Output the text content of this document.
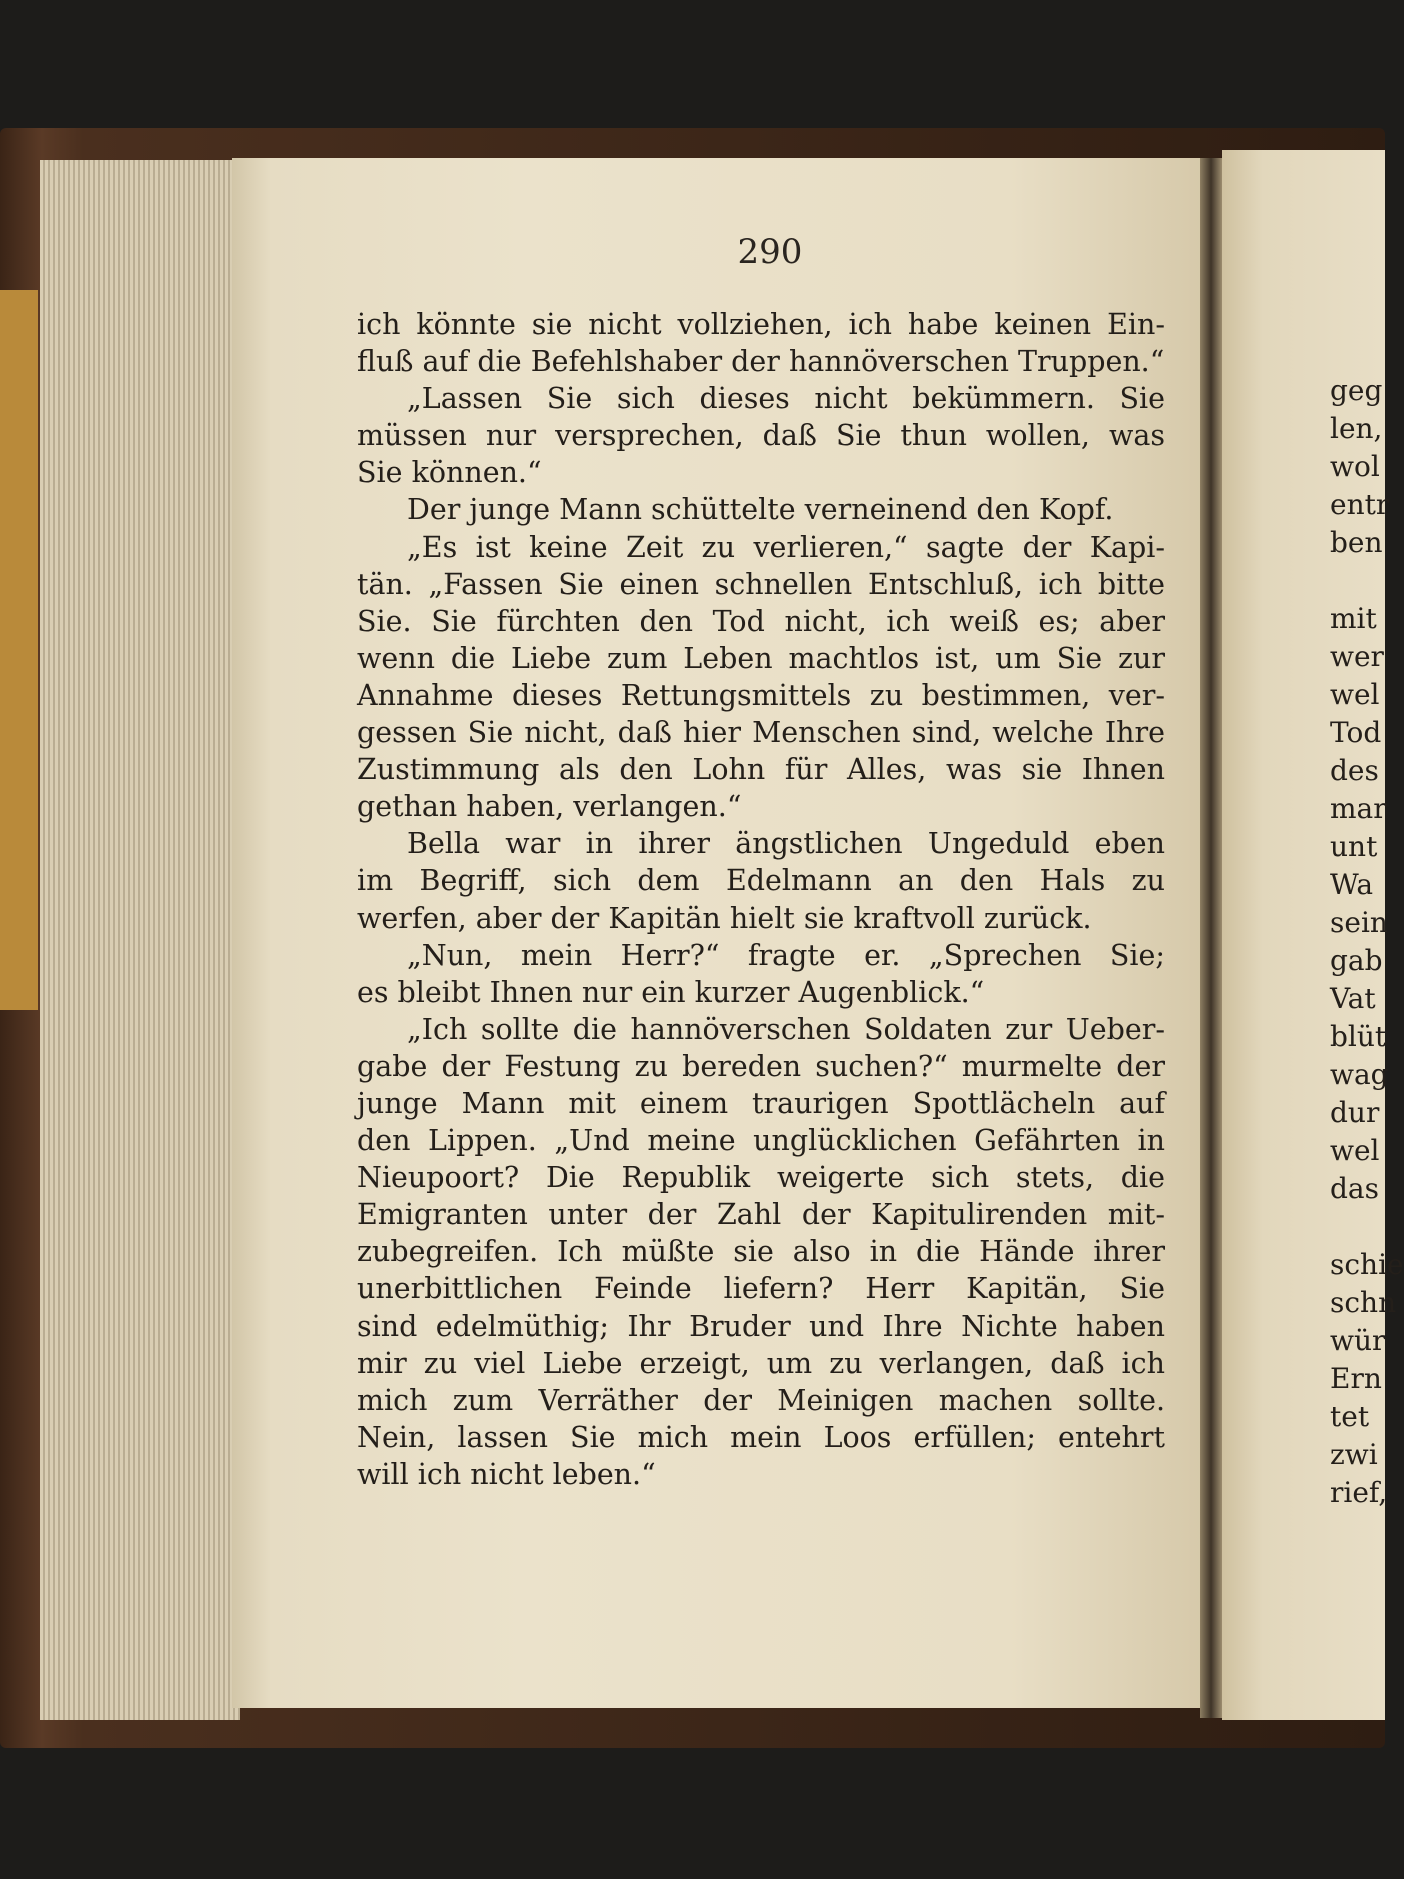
290
ich könnte sie nicht vollziehen, ich habe keinen Ein-
fluß auf die Befehlshaber der hannöverschen Truppen.“
„Lassen Sie sich dieses nicht bekümmern. Sie
müssen nur versprechen, daß Sie thun wollen, was
Sie können.“
Der junge Mann schüttelte verneinend den Kopf.
„Es ist keine Zeit zu verlieren,“ sagte der Kapi-
tän. „Fassen Sie einen schnellen Entschluß, ich bitte
Sie. Sie fürchten den Tod nicht, ich weiß es; aber
wenn die Liebe zum Leben machtlos ist, um Sie zur
Annahme dieses Rettungsmittels zu bestimmen, ver-
gessen Sie nicht, daß hier Menschen sind, welche Ihre
Zustimmung als den Lohn für Alles, was sie Ihnen
gethan haben, verlangen.“
Bella war in ihrer ängstlichen Ungeduld eben
im Begriff, sich dem Edelmann an den Hals zu
werfen, aber der Kapitän hielt sie kraftvoll zurück.
„Nun, mein Herr?“ fragte er. „Sprechen Sie;
es bleibt Ihnen nur ein kurzer Augenblick.“
„Ich sollte die hannöverschen Soldaten zur Ueber-
gabe der Festung zu bereden suchen?“ murmelte der
junge Mann mit einem traurigen Spottlächeln auf
den Lippen. „Und meine unglücklichen Gefährten in
Nieupoort? Die Republik weigerte sich stets, die
Emigranten unter der Zahl der Kapitulirenden mit-
zubegreifen. Ich müßte sie also in die Hände ihrer
unerbittlichen Feinde liefern? Herr Kapitän, Sie
sind edelmüthig; Ihr Bruder und Ihre Nichte haben
mir zu viel Liebe erzeigt, um zu verlangen, daß ich
mich zum Verräther der Meinigen machen sollte.
Nein, lassen Sie mich mein Loos erfüllen; entehrt
will ich nicht leben.“
geg
len,
wol
entr
ben
mit
wer
wel
Tod
des
mar
unt
Wa
sein
gab
Vat
blüt
wag
dur
wel
das
schie
schn
wür
Ern
tet
zwi
rief,
